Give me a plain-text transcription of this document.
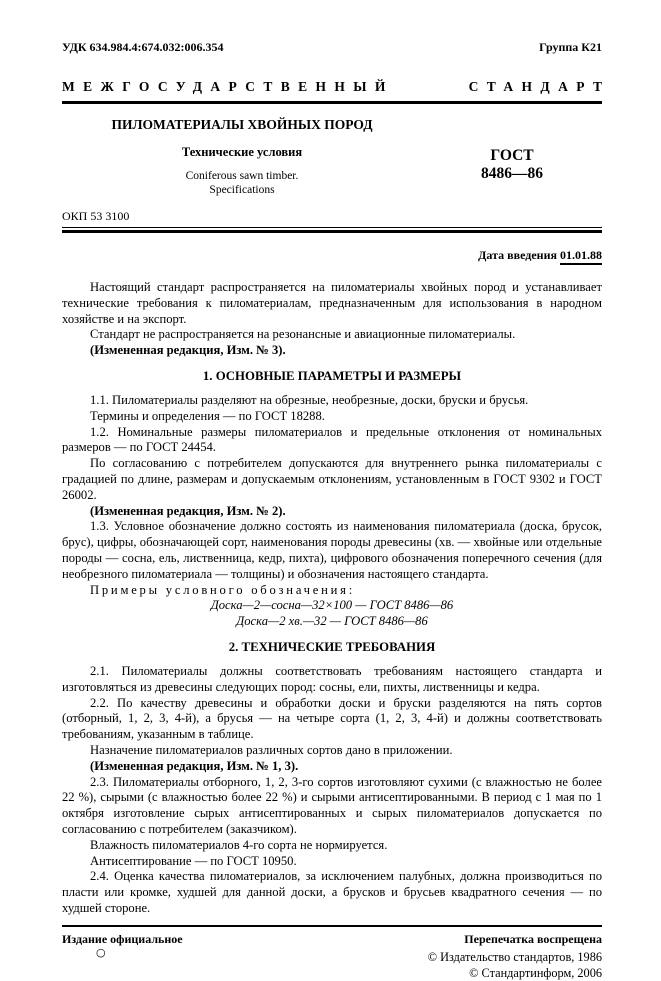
УДК 634.984.4:674.032:006.354	Группа К21
МЕЖГОСУДАРСТВЕННЫЙ	СТАНДАРТ
ПИЛОМАТЕРИАЛЫ ХВОЙНЫХ ПОРОД
Технические условия
Coniferous sawn timber.
Specifications
ГОСТ
8486—86
ОКП 53 3100
Дата введения 01.01.88

Настоящий стандарт распространяется на пиломатериалы хвойных пород и устанавливает технические требования к пиломатериалам, предназначенным для использования в народном хозяйстве и на экспорт.

Стандарт не распространяется на резонансные и авиационные пиломатериалы.

(Измененная редакция, Изм. № 3).

1. ОСНОВНЫЕ ПАРАМЕТРЫ И РАЗМЕРЫ

1.1. Пиломатериалы разделяют на обрезные, необрезные, доски, бруски и брусья.

Термины и определения — по ГОСТ 18288.

1.2. Номинальные размеры пиломатериалов и предельные отклонения от номинальных размеров — по ГОСТ 24454.

По согласованию с потребителем допускаются для внутреннего рынка пиломатериалы с градацией по длине, размерам и допускаемым отклонениям, установленным в ГОСТ 9302 и ГОСТ 26002.

(Измененная редакция, Изм. № 2).

1.3. Условное обозначение должно состоять из наименования пиломатериала (доска, брусок, брус), цифры, обозначающей сорт, наименования породы древесины (хв. — хвойные или отдельные породы — сосна, ель, лиственница, кедр, пихта), цифрового обозначения поперечного сечения (для необрезного пиломатериала — толщины) и обозначения настоящего стандарта.

Примеры условного обозначения:

Доска—2—сосна—32×100 — ГОСТ 8486—86

Доска—2 хв.—32 — ГОСТ 8486—86

2. ТЕХНИЧЕСКИЕ ТРЕБОВАНИЯ

2.1. Пиломатериалы должны соответствовать требованиям настоящего стандарта и изготовляться из древесины следующих пород: сосны, ели, пихты, лиственницы и кедра.

2.2. По качеству древесины и обработки доски и бруски разделяются на пять сортов (отборный, 1, 2, 3, 4-й), а брусья — на четыре сорта (1, 2, 3, 4-й) и должны соответствовать требованиям, указанным в таблице.

Назначение пиломатериалов различных сортов дано в приложении.

(Измененная редакция, Изм. № 1, 3).

2.3. Пиломатериалы отборного, 1, 2, 3-го сортов изготовляют сухими (с влажностью не более 22 %), сырыми (с влажностью более 22 %) и сырыми антисептированными. В период с 1 мая по 1 октября изготовление сырых антисептированных и сырых пиломатериалов допускается по согласованию с потребителем (заказчиком).

Влажность пиломатериалов 4-го сорта не нормируется.

Антисептирование — по ГОСТ 10950.

2.4. Оценка качества пиломатериалов, за исключением палубных, должна производиться по пласти или кромке, худшей для данной доски, а брусков и брусьев квадратного сечения — по худшей стороне.

Издание официальное	Перепечатка воспрещена
○	© Издательство стандартов, 1986
© Стандартинформ, 2006
